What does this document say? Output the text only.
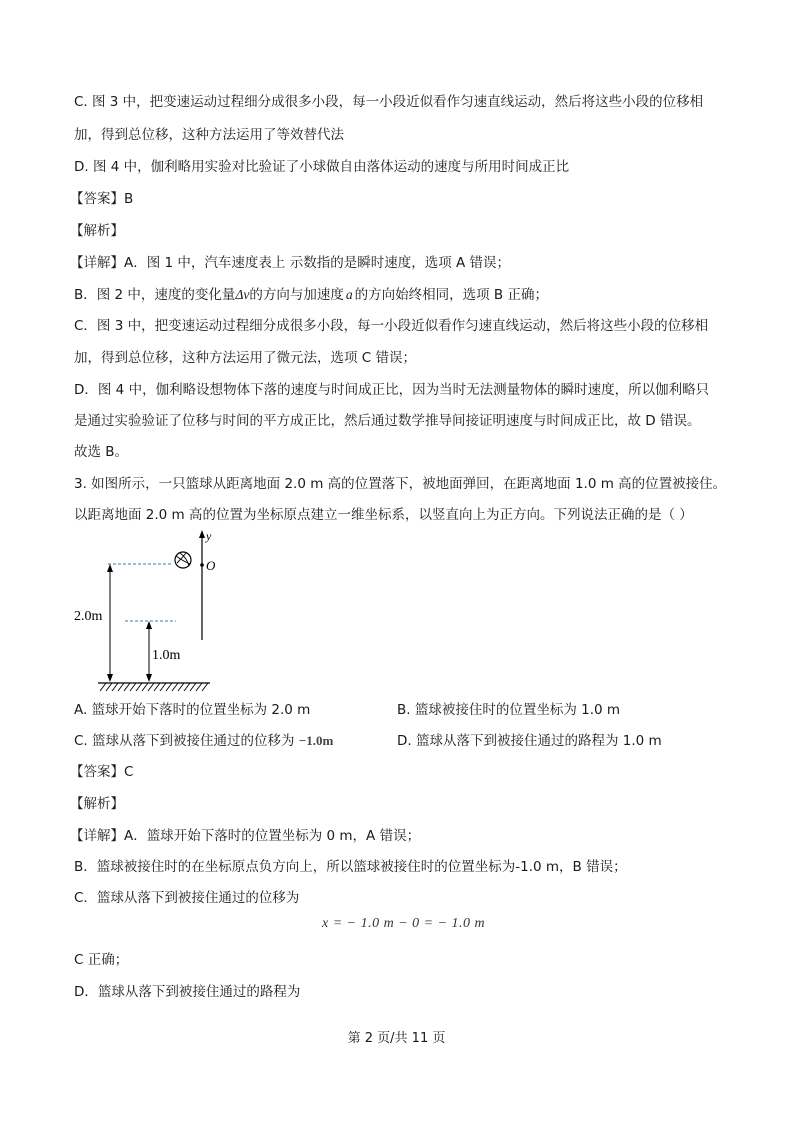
C. 图 3 中，把变速运动过程细分成很多小段，每一小段近似看作匀速直线运动，然后将这些小段的位移相
加，得到总位移，这种方法运用了等效替代法
D. 图 4 中，伽利略用实验对比验证了小球做自由落体运动的速度与所用时间成正比
【答案】B
【解析】
【详解】A．图 1 中，汽车速度表上 示数指的是瞬时速度，选项 A 错误；
B．图 2 中，速度的变化量Δv的方向与加速度 a 的方向始终相同，选项 B 正确；
C．图 3 中，把变速运动过程细分成很多小段，每一小段近似看作匀速直线运动，然后将这些小段的位移相
加，得到总位移，这种方法运用了微元法，选项 C 错误；
D．图 4 中，伽利略设想物体下落的速度与时间成正比，因为当时无法测量物体的瞬时速度，所以伽利略只
是通过实验验证了位移与时间的平方成正比，然后通过数学推导间接证明速度与时间成正比，故 D 错误。
故选 B。
3. 如图所示，一只篮球从距离地面 2.0 m 高的位置落下，被地面弹回，在距离地面 1.0 m 高的位置被接住。
以距离地面 2.0 m 高的位置为坐标原点建立一维坐标系，以竖直向上为正方向。下列说法正确的是（ ）
y
O
2.0m
1.0m
A. 篮球开始下落时的位置坐标为 2.0 m	B. 篮球被接住时的位置坐标为 1.0 m
C. 篮球从落下到被接住通过的位移为 −1.0m	D. 篮球从落下到被接住通过的路程为 1.0 m
【答案】C
【解析】
【详解】A．篮球开始下落时的位置坐标为 0 m，A 错误；
B．篮球被接住时的在坐标原点负方向上，所以篮球被接住时的位置坐标为-1.0 m，B 错误；
C．篮球从落下到被接住通过的位移为
x = − 1.0 m − 0 = − 1.0 m
C 正确；
D．篮球从落下到被接住通过的路程为
第 2 页/共 11 页
